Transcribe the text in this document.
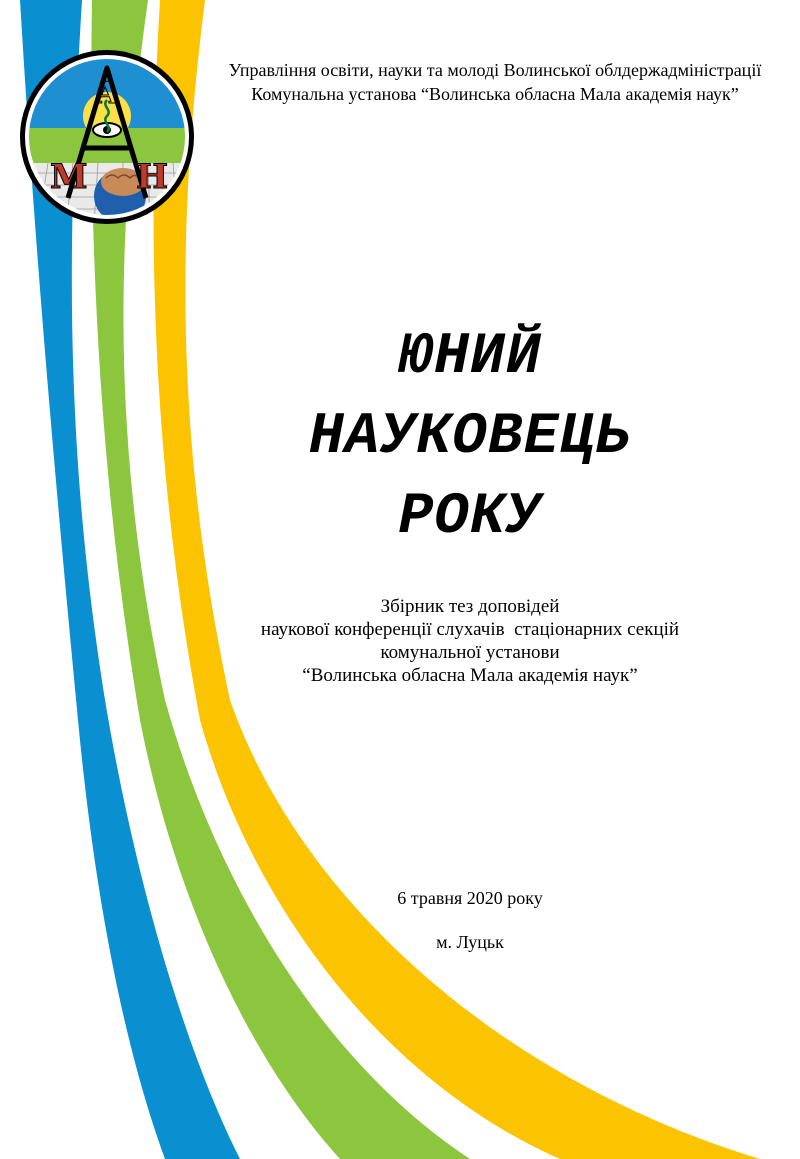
М
А
Н
Управління освіти, науки та молоді Волинської облдержадміністрації
Комунальна установа “Волинська обласна Мала академія наук”
ЮНИЙ
НАУКОВЕЦЬ
РОКУ
Збірник тез доповідей
наукової конференції слухачів  стаціонарних секцій
комунальної установи
“Волинська обласна Мала академія наук”
6 травня 2020 року
м. Луцьк
